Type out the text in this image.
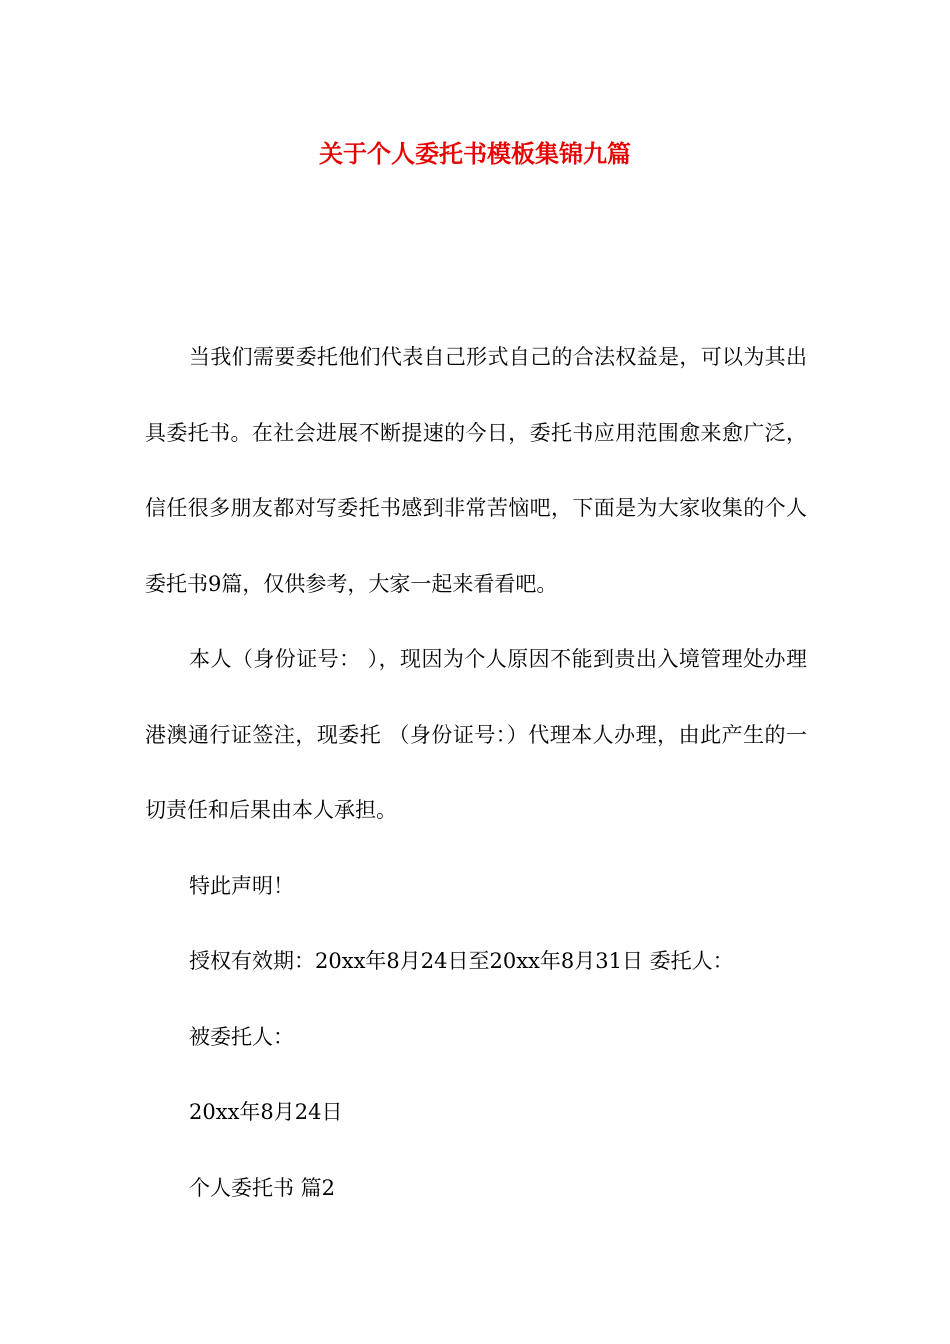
关于个人委托书模板集锦九篇

当我们需要委托他们代表自己形式自己的合法权益是，可以为其出具委托书。在社会进展不断提速的今日，委托书应用范围愈来愈广泛，信任很多朋友都对写委托书感到非常苦恼吧，下面是为大家收集的个人委托书9篇，仅供参考，大家一起来看看吧。

本人（身份证号： ），现因为个人原因不能到贵出入境管理处办理港澳通行证签注，现委托 （身份证号：）代理本人办理，由此产生的一切责任和后果由本人承担。

特此声明！

授权有效期：20xx年8月24日至20xx年8月31日 委托人：

被委托人：

20xx年8月24日

个人委托书 篇2
